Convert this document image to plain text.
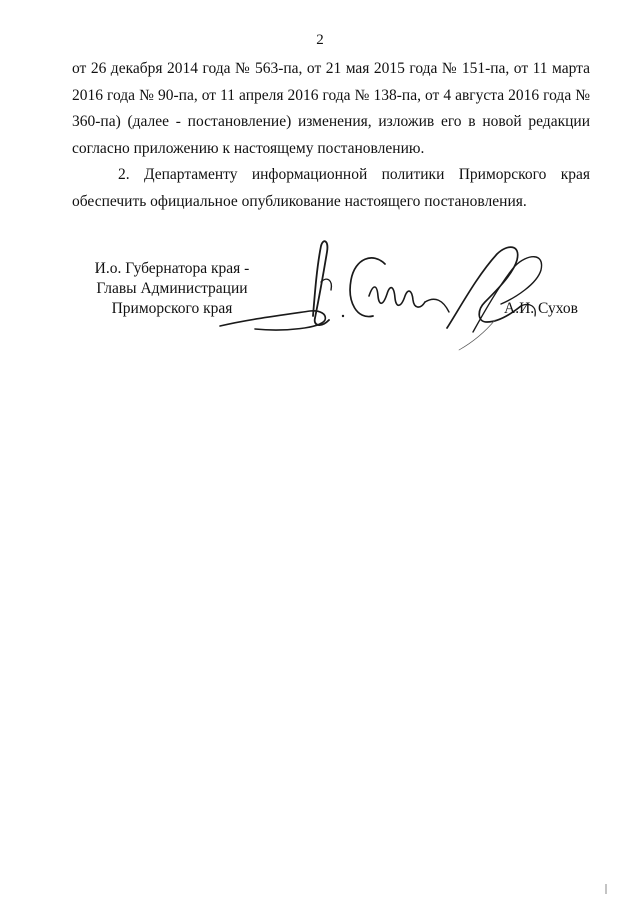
2

от 26 декабря 2014 года № 563-па, от 21 мая 2015 года № 151-па, от 11 марта 2016 года № 90-па, от 11 апреля 2016 года № 138-па, от 4 августа 2016 года № 360-па) (далее - постановление) изменения, изложив его в новой редакции согласно приложению к настоящему постановлению.

2. Департаменту информационной политики Приморского края обеспечить официальное опубликование настоящего постановления.

И.о. Губернатора края -
Главы Администрации
Приморского края	А.И. Сухов
